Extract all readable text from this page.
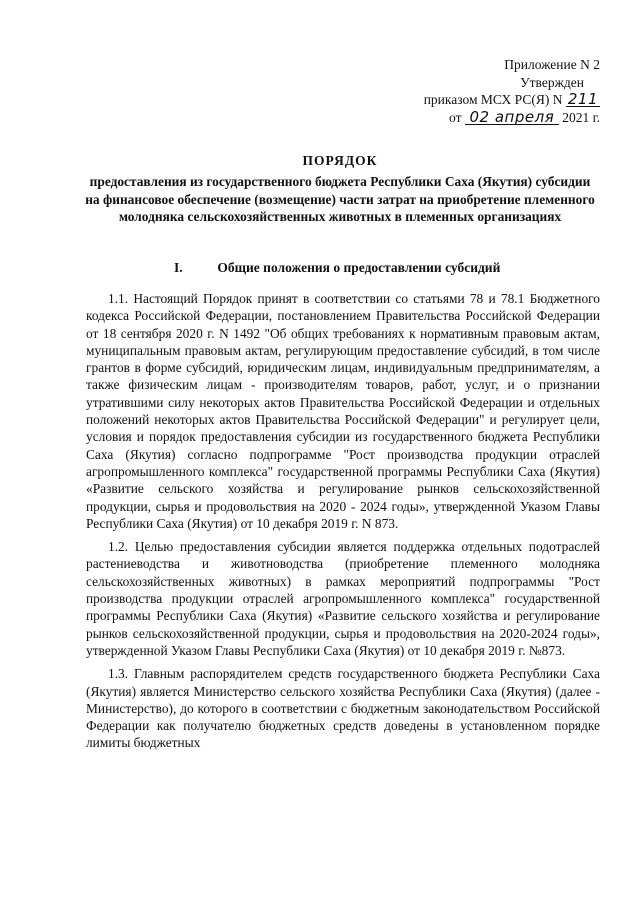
Приложение N 2
Утвержден
приказом МСХ РС(Я) N 211
от 02 апреля 2021 г.
ПОРЯДОК
предоставления из государственного бюджета Республики Саха (Якутия) субсидии на финансовое обеспечение (возмещение) части затрат на приобретение племенного молодняка сельскохозяйственных животных в племенных организациях
I.	Общие положения о предоставлении субсидий

1.1. Настоящий Порядок принят в соответствии со статьями 78 и 78.1 Бюджетного кодекса Российской Федерации, постановлением Правительства Российской Федерации от 18 сентября 2020 г. N 1492 "Об общих требованиях к нормативным правовым актам, муниципальным правовым актам, регулирующим предоставление субсидий, в том числе грантов в форме субсидий, юридическим лицам, индивидуальным предпринимателям, а также физическим лицам - производителям товаров, работ, услуг, и о признании утратившими силу некоторых актов Правительства Российской Федерации и отдельных положений некоторых актов Правительства Российской Федерации" и регулирует цели, условия и порядок предоставления субсидии из государственного бюджета Республики Саха (Якутия) согласно подпрограмме "Рост производства продукции отраслей агропромышленного комплекса" государственной программы Республики Саха (Якутия) «Развитие сельского хозяйства и регулирование рынков сельскохозяйственной продукции, сырья и продовольствия на 2020 - 2024 годы», утвержденной Указом Главы Республики Саха (Якутия) от 10 декабря 2019 г. N 873.

1.2. Целью предоставления субсидии является поддержка отдельных подотраслей растениеводства и животноводства (приобретение племенного молодняка сельскохозяйственных животных) в рамках мероприятий подпрограммы "Рост производства продукции отраслей агропромышленного комплекса" государственной программы Республики Саха (Якутия) «Развитие сельского хозяйства и регулирование рынков сельскохозяйственной продукции, сырья и продовольствия на 2020-2024 годы», утвержденной Указом Главы Республики Саха (Якутия) от 10 декабря 2019 г. №873.

1.3. Главным распорядителем средств государственного бюджета Республики Саха (Якутия) является Министерство сельского хозяйства Республики Саха (Якутия) (далее - Министерство), до которого в соответствии с бюджетным законодательством Российской Федерации как получателю бюджетных средств доведены в установленном порядке лимиты бюджетных
